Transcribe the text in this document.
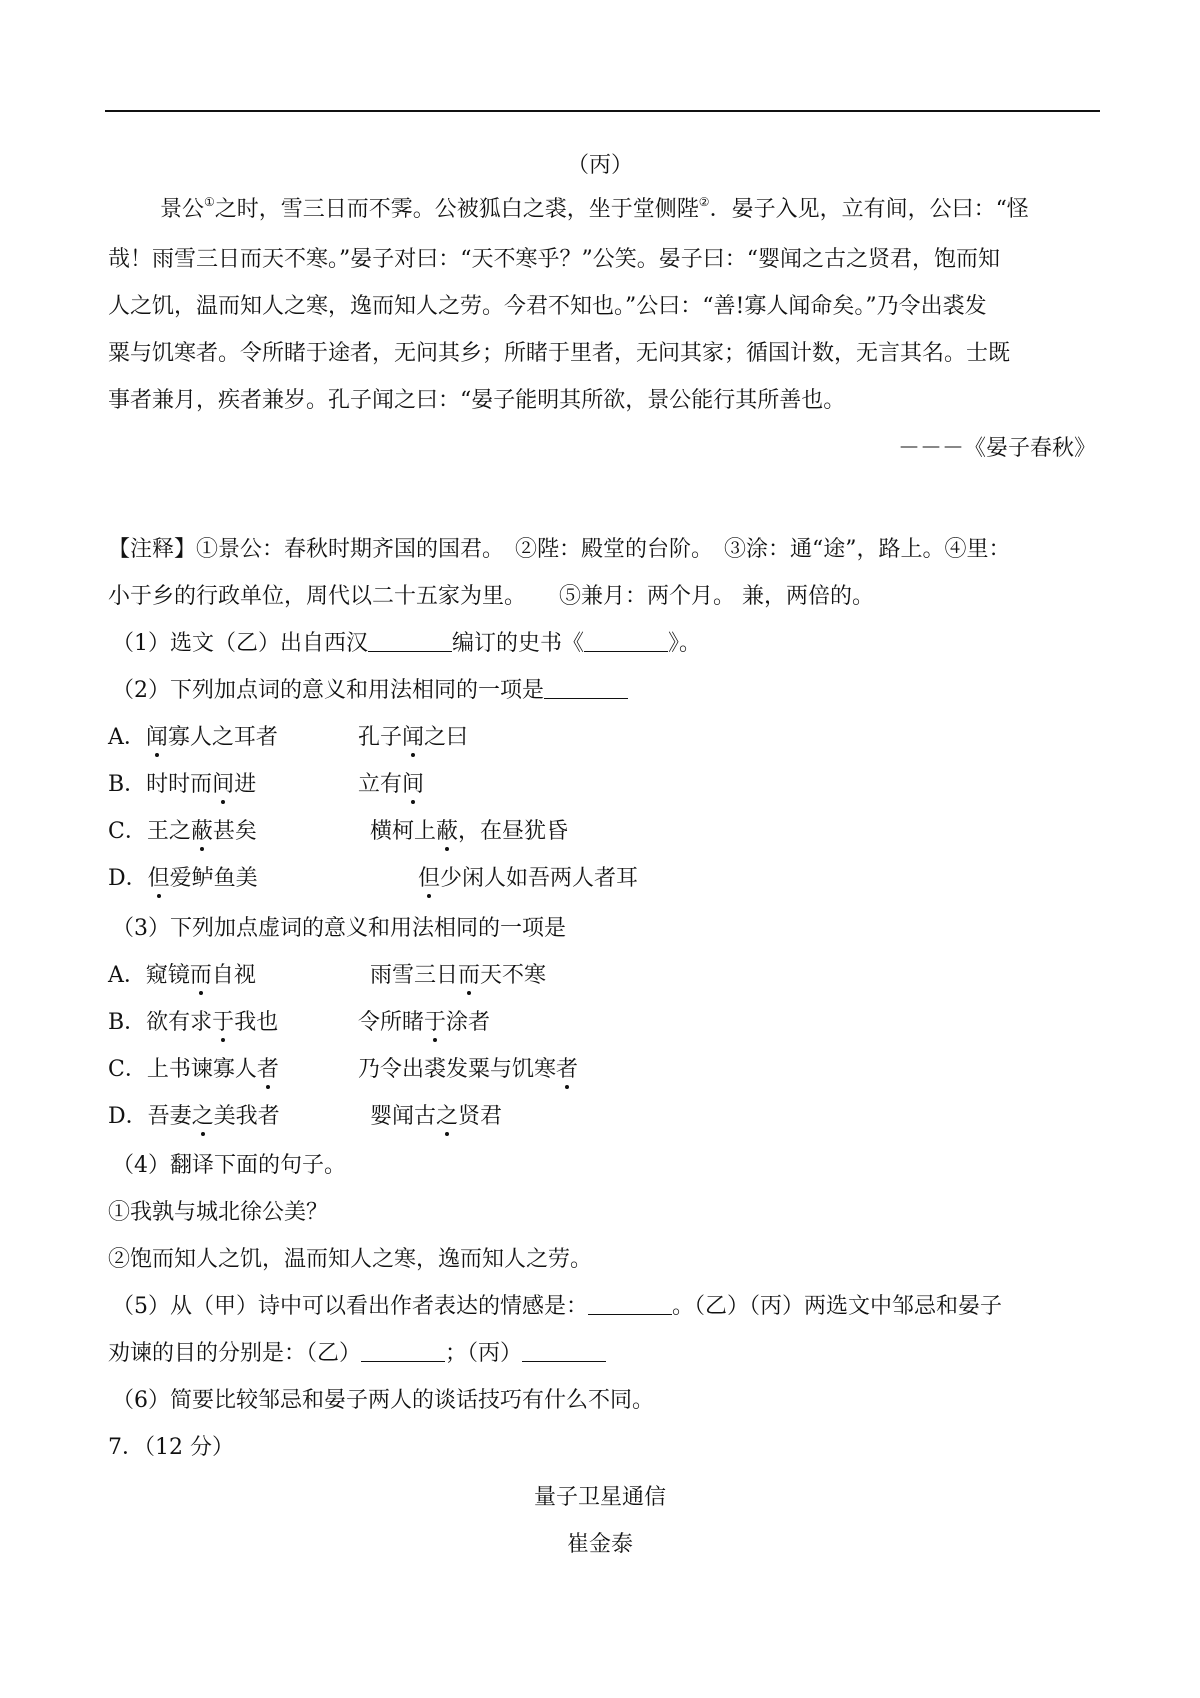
（丙）

景公①之时，雪三日而不霁。公被狐白之裘，坐于堂侧陛②．晏子入见，立有间，公曰：“怪

哉！雨雪三日而天不寒。”晏子对曰：“天不寒乎？”公笑。晏子曰：“婴闻之古之贤君，饱而知
人之饥，温而知人之寒，逸而知人之劳。今君不知也。”公曰：“善!寡人闻命矣。”乃令出裘发
粟与饥寒者。令所睹于途者，无问其乡；所睹于里者，无问其家；循国计数，无言其名。士既
事者兼月，疾者兼岁。孔子闻之曰：“晏子能明其所欲，景公能行其所善也。
－－－《晏子春秋》
【注释】①景公：春秋时期齐国的国君。　②陛：殿堂的台阶。　③涂：通“途”，路上。④里：
小于乡的行政单位，周代以二十五家为里。　　⑤兼月：两个月。 兼，两倍的。
（1）选文（乙）出自西汉	编订的史书《	》。
（2）下列加点词的意义和用法相同的一项是
A．闻寡人之耳者	孔子闻之曰
B．时时而间进	立有间
C．王之蔽甚矣	横柯上蔽，在昼犹昏
D．但爱鲈鱼美	但少闲人如吾两人者耳
（3）下列加点虚词的意义和用法相同的一项是
A．窥镜而自视	雨雪三日而天不寒
B．欲有求于我也	令所睹于涂者
C．上书谏寡人者	乃令出裘发粟与饥寒者
D．吾妻之美我者	婴闻古之贤君
（4）翻译下面的句子。
①我孰与城北徐公美？
②饱而知人之饥，温而知人之寒，逸而知人之劳。
（5）从（甲）诗中可以看出作者表达的情感是：	。（乙）（丙）两选文中邹忌和晏子
劝谏的目的分别是：（乙）	；（丙）
（6）简要比较邹忌和晏子两人的谈话技巧有什么不同。
7．（12 分）
量子卫星通信
崔金泰
